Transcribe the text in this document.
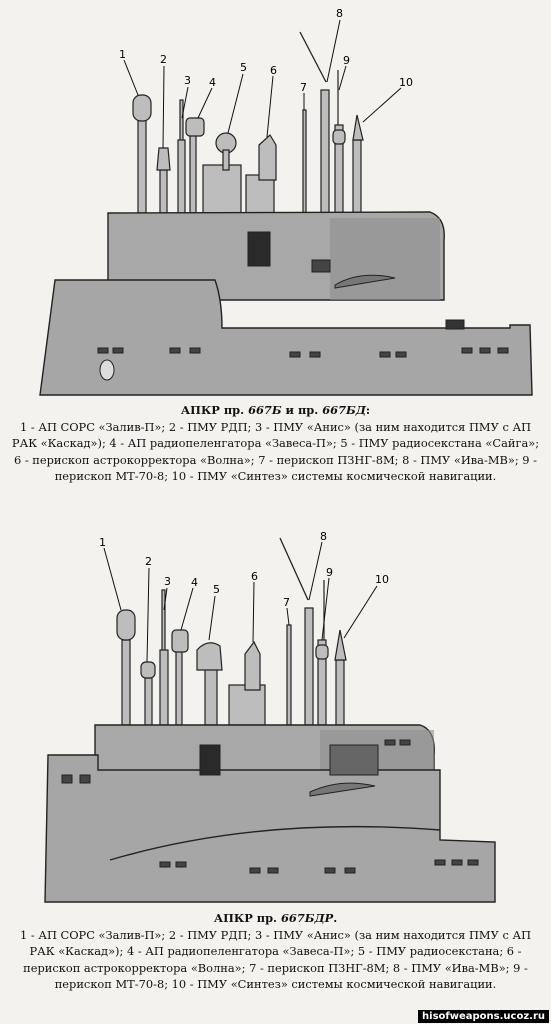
1	2
3 4
5 6
7
8
9
10
АПКР пр. 667Б и пр. 667БД:
1 - АП СОРС «Залив-П»; 2 - ПМУ РДП; 3 - ПМУ «Анис» (за ним находится ПМУ с АП РАК «Каскад»); 4 - АП радиопеленгатора «Завеса-П»; 5 - ПМУ радиосекстана «Сайга»; 6 - перископ астрокорректора «Волна»; 7 - перископ ПЗНГ-8М; 8 - ПМУ «Ива-МВ»; 9 - перископ МТ-70-8; 10 - ПМУ «Синтез» системы космической навигации.
1
2
3 4
5
6
7
8
9
10
АПКР пр. 667БДР.
1 - АП СОРС «Залив-П»; 2 - ПМУ РДП; 3 - ПМУ «Анис» (за ним находится ПМУ с АП РАК «Каскад»); 4 - АП радиопеленгатора «Завеса-П»; 5 - ПМУ радиосекстана; 6 - перископ астрокорректора «Волна»; 7 - перископ ПЗНГ-8М; 8 - ПМУ «Ива-МВ»; 9 - перископ МТ-70-8; 10 - ПМУ «Синтез» системы космической навигации.
hisofweapons.ucoz.ru
